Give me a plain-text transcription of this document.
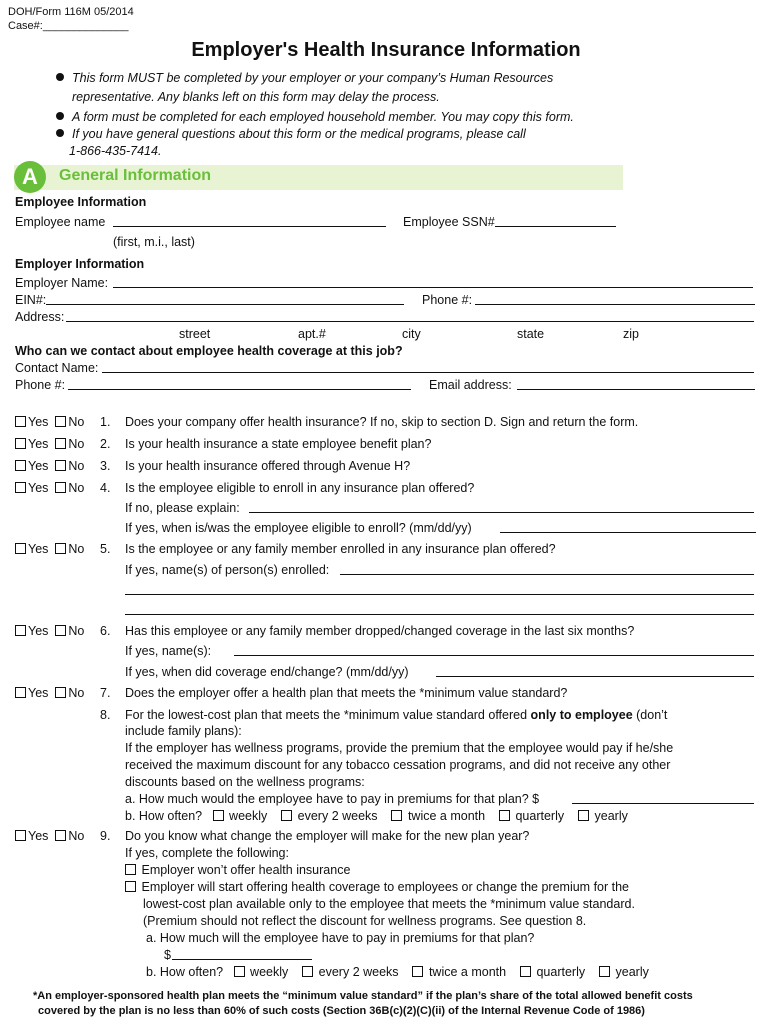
DOH/Form 116M 05/2014
Case#:______________
Employer's Health Insurance Information
This form MUST be completed by your employer or your company’s Human Resources
representative. Any blanks left on this form may delay the process.
A form must be completed for each employed household member. You may copy this form.
If you have general questions about this form or the medical programs, please call
1-866-435-7414.
A	General Information
Employee Information
Employee name	Employee SSN#
(first, m.i., last)
Employer Information
Employer Name:
EIN#:	Phone #:
Address:
street	apt.#	city	state	zip
Who can we contact about employee health coverage at this job?
Contact Name:
Phone #:	Email address:
Yes No 1. Does your company offer health insurance? If no, skip to section D. Sign and return the form.
Yes No 2. Is your health insurance a state employee benefit plan?
Yes No 3. Is your health insurance offered through Avenue H?
Yes No 4. Is the employee eligible to enroll in any insurance plan offered?
If no, please explain:
If yes, when is/was the employee eligible to enroll? (mm/dd/yy)
Yes No 5. Is the employee or any family member enrolled in any insurance plan offered?
If yes, name(s) of person(s) enrolled:
Yes No 6. Has this employee or any family member dropped/changed coverage in the last six months?
If yes, name(s):
If yes, when did coverage end/change? (mm/dd/yy)
Yes No 7. Does the employer offer a health plan that meets the *minimum value standard?
8. For the lowest-cost plan that meets the *minimum value standard offered only to employee (don’t
include family plans):
If the employer has wellness programs, provide the premium that the employee would pay if he/she
received the maximum discount for any tobacco cessation programs, and did not receive any other
discounts based on the wellness programs:
a. How much would the employee have to pay in premiums for that plan? $
b. How often? weekly every 2 weeks twice a month quarterly yearly
Yes No 9. Do you know what change the employer will make for the new plan year?
If yes, complete the following:
Employer won’t offer health insurance
Employer will start offering health coverage to employees or change the premium for the
lowest-cost plan available only to the employee that meets the *minimum value standard.
(Premium should not reflect the discount for wellness programs. See question 8.
a. How much will the employee have to pay in premiums for that plan?
$
b. How often? weekly every 2 weeks twice a month quarterly yearly
*An employer-sponsored health plan meets the “minimum value standard” if the plan’s share of the total allowed benefit costs
covered by the plan is no less than 60% of such costs (Section 36B(c)(2)(C)(ii) of the Internal Revenue Code of 1986)
